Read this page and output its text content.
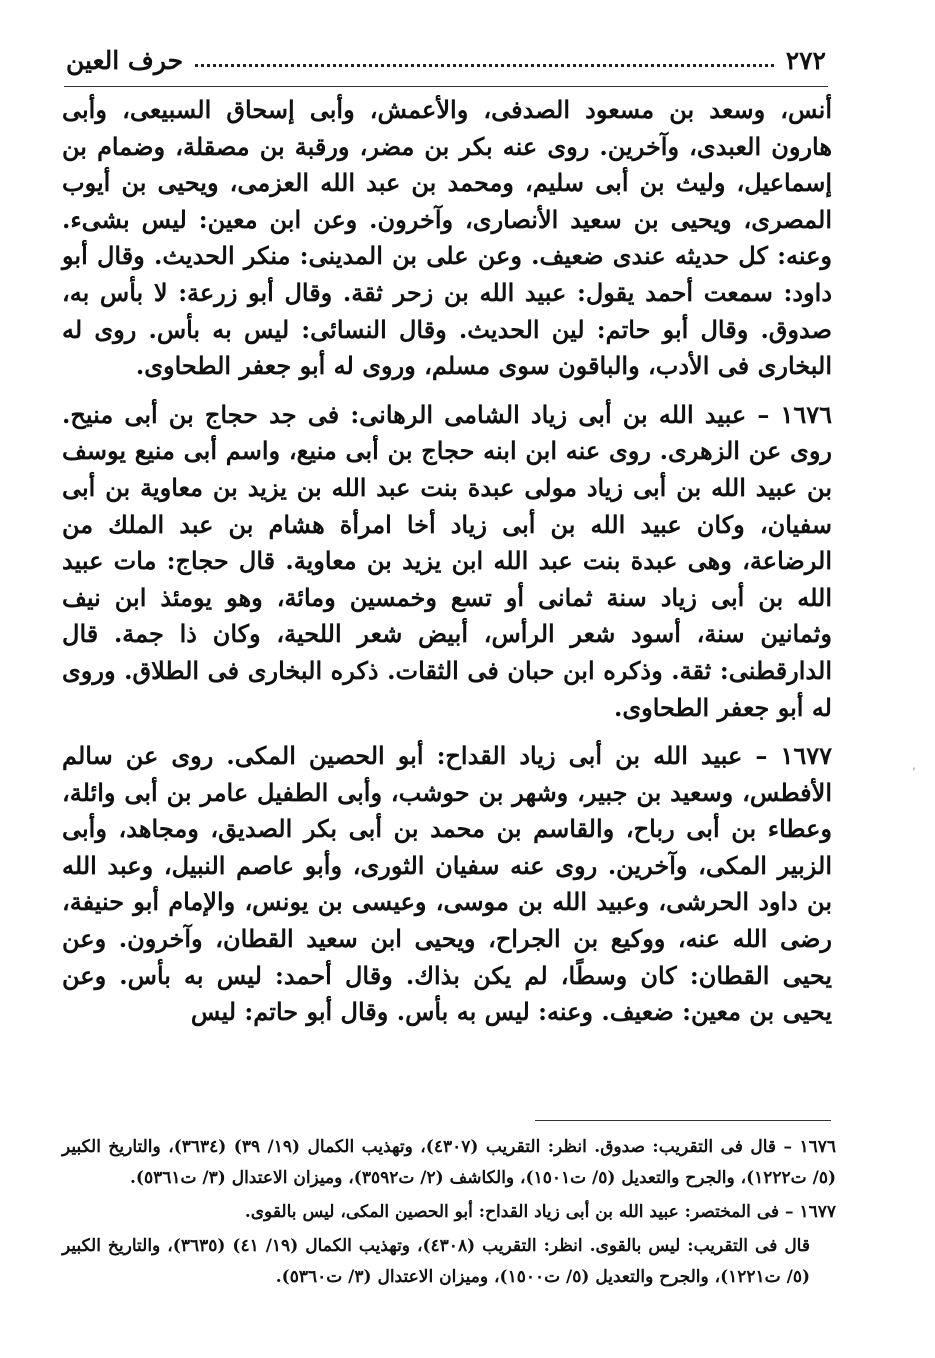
٢٧٢
حرف العين

أنس، وسعد بن مسعود الصدفى، والأعمش، وأبى إسحاق السبيعى، وأبى هارون العبدى، وآخرين. روى عنه بكر بن مضر، ورقبة بن مصقلة، وضمام بن إسماعيل، وليث بن أبى سليم، ومحمد بن عبد الله العزمى، ويحيى بن أيوب المصرى، ويحيى بن سعيد الأنصارى، وآخرون. وعن ابن معين: ليس بشىء. وعنه: كل حديثه عندى ضعيف. وعن على بن المدينى: منكر الحديث. وقال أبو داود: سمعت أحمد يقول: عبيد الله بن زحر ثقة. وقال أبو زرعة: لا بأس به، صدوق. وقال أبو حاتم: لين الحديث. وقال النسائى: ليس به بأس. روى له البخارى فى الأدب، والباقون سوى مسلم، وروى له أبو جعفر الطحاوى.

١٦٧٦ – عبيد الله بن أبى زياد الشامى الرهانى: فى جد حجاج بن أبى منيح. روى عن الزهرى. روى عنه ابن ابنه حجاج بن أبى منيع، واسم أبى منيع يوسف بن عبيد الله بن أبى زياد مولى عبدة بنت عبد الله بن يزيد بن معاوية بن أبى سفيان، وكان عبيد الله بن أبى زياد أخا امرأة هشام بن عبد الملك من الرضاعة، وهى عبدة بنت عبد الله ابن يزيد بن معاوية. قال حجاج: مات عبيد الله بن أبى زياد سنة ثمانى أو تسع وخمسين ومائة، وهو يومئذ ابن نيف وثمانين سنة، أسود شعر الرأس، أبيض شعر اللحية، وكان ذا جمة. قال الدارقطنى: ثقة. وذكره ابن حبان فى الثقات. ذكره البخارى فى الطلاق. وروى له أبو جعفر الطحاوى.

١٦٧٧ – عبيد الله بن أبى زياد القداح: أبو الحصين المكى. روى عن سالم الأفطس، وسعيد بن جبير، وشهر بن حوشب، وأبى الطفيل عامر بن أبى وائلة، وعطاء بن أبى رباح، والقاسم بن محمد بن أبى بكر الصديق، ومجاهد، وأبى الزبير المكى، وآخرين. روى عنه سفيان الثورى، وأبو عاصم النبيل، وعبد الله بن داود الحرشى، وعبيد الله بن موسى، وعيسى بن يونس، والإمام أبو حنيفة، رضى الله عنه، ووكيع بن الجراح، ويحيى ابن سعيد القطان، وآخرون. وعن يحيى القطان: كان وسطًا، لم يكن بذاك. وقال أحمد: ليس به بأس. وعن يحيى بن معين: ضعيف. وعنه: ليس به بأس. وقال أبو حاتم: ليس

١٦٧٦ – قال فى التقريب: صدوق. انظر: التقريب (٤٣٠٧)، وتهذيب الكمال (١٩/ ٣٩) (٣٦٣٤)، والتاريخ الكبير (٥/ ت١٢٢٢)، والجرح والتعديل (٥/ ت١٥٠١)، والكاشف (٢/ ت٣٥٩٢)، وميزان الاعتدال (٣/ ت٥٣٦١).

١٦٧٧ – فى المختصر: عبيد الله بن أبى زياد القداح: أبو الحصين المكى، ليس بالقوى.

قال فى التقريب: ليس بالقوى. انظر: التقريب (٤٣٠٨)، وتهذيب الكمال (١٩/ ٤١) (٣٦٣٥)، والتاريخ الكبير (٥/ ت١٢٢١)، والجرح والتعديل (٥/ ت١٥٠٠)، وميزان الاعتدال (٣/ ت٥٣٦٠).

‚
